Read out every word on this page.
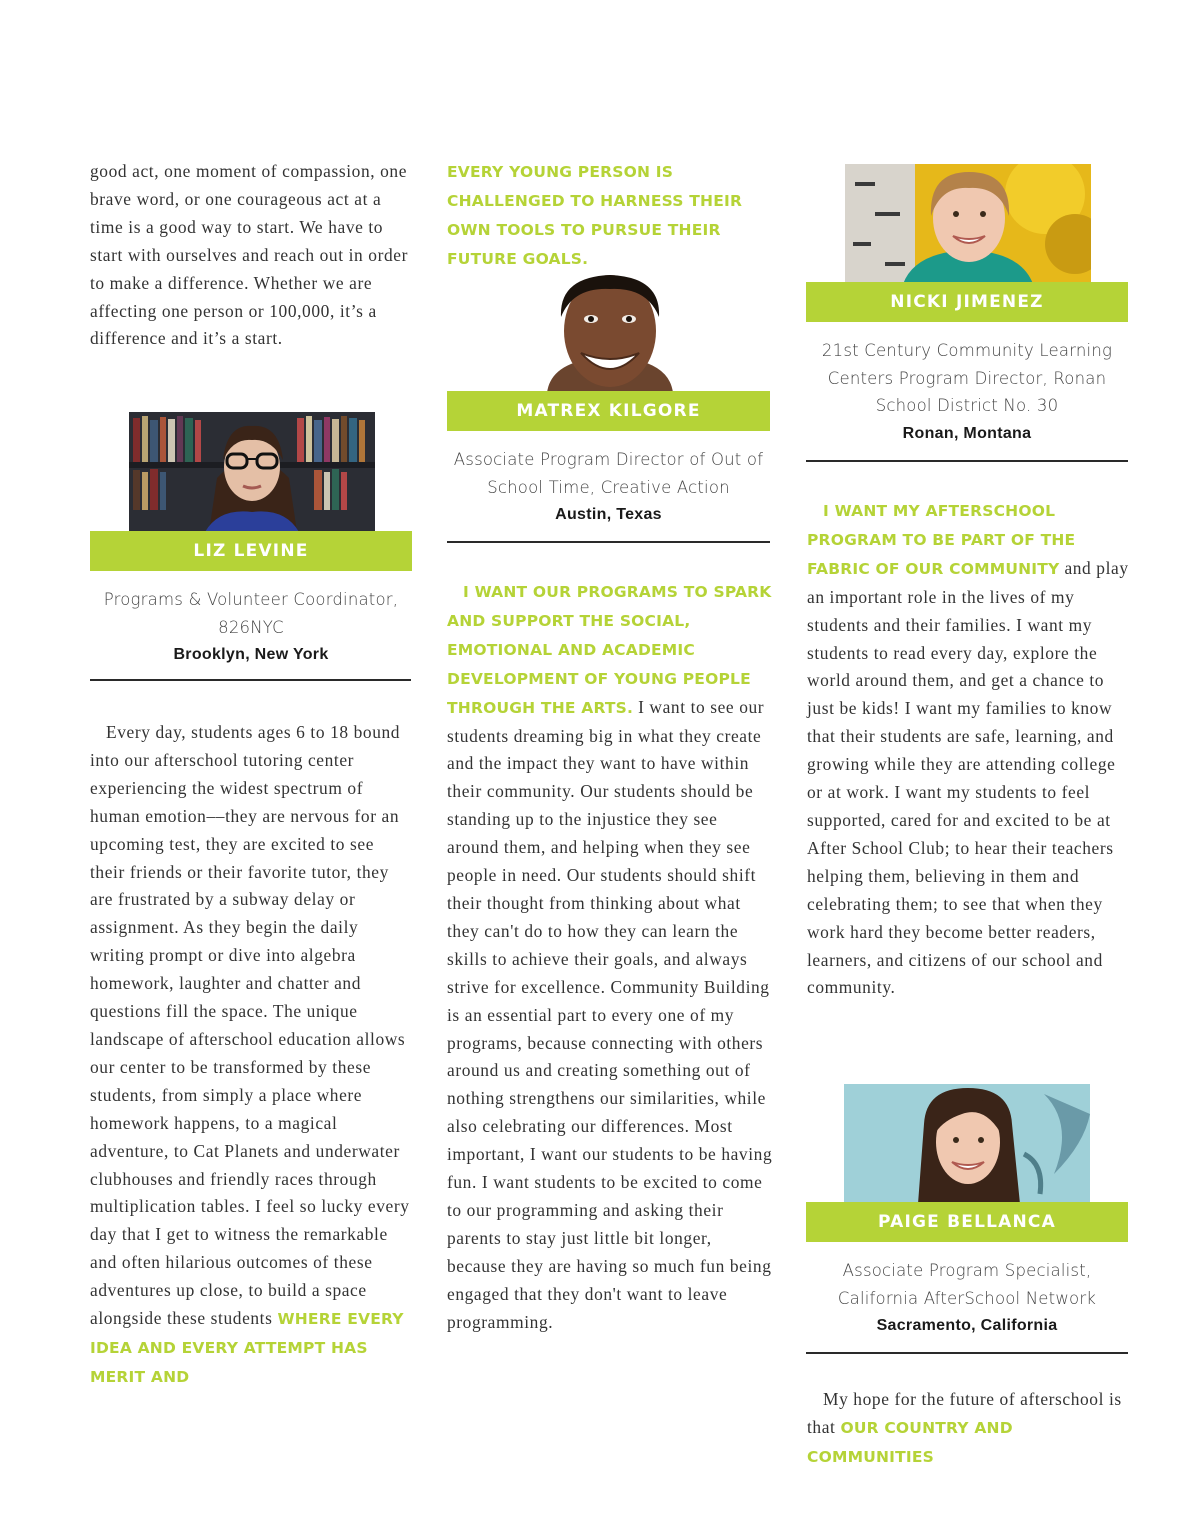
good act, one moment of compassion, one brave word, or one courageous act at a time is a good way to start. We have to start with ourselves and reach out in order to make a difference. Whether we are affecting one person or 100,000, it’s a difference and it’s a start.

LIZ LEVINE
Programs & Volunteer Coordinator, 826NYC
Brooklyn, New York

Every day, students ages 6 to 18 bound into our afterschool tutoring center experiencing the widest spectrum of human emotion––they are nervous for an upcoming test, they are excited to see their friends or their favorite tutor, they are frustrated by a subway delay or assignment. As they begin the daily writing prompt or dive into algebra homework, laughter and chatter and questions fill the space. The unique landscape of afterschool education allows our center to be transformed by these students, from simply a place where homework happens, to a magical adventure, to Cat Planets and underwater clubhouses and friendly races through multiplication tables. I feel so lucky every day that I get to witness the remarkable and often hilarious outcomes of these adventures up close, to build a space alongside these students WHERE EVERY IDEA AND EVERY ATTEMPT HAS MERIT AND

EVERY YOUNG PERSON IS CHALLENGED TO HARNESS THEIR OWN TOOLS TO PURSUE THEIR FUTURE GOALS.

MATREX KILGORE
Associate Program Director of Out of School Time, Creative Action
Austin, Texas

I WANT OUR PROGRAMS TO SPARK AND SUPPORT THE SOCIAL, EMOTIONAL AND ACADEMIC DEVELOPMENT OF YOUNG PEOPLE THROUGH THE ARTS. I want to see our students dreaming big in what they create and the impact they want to have within their community. Our students should be standing up to the injustice they see around them, and helping when they see people in need. Our students should shift their thought from thinking about what they can't do to how they can learn the skills to achieve their goals, and always strive for excellence. Community Building is an essential part to every one of my programs, because connecting with others around us and creating something out of nothing strengthens our similarities, while also celebrating our differences. Most important, I want our students to be having fun. I want students to be excited to come to our programming and asking their parents to stay just little bit longer, because they are having so much fun being engaged that they don't want to leave programming.

NICKI JIMENEZ
21st Century Community Learning Centers Program Director, Ronan School District No. 30
Ronan, Montana

I WANT MY AFTERSCHOOL PROGRAM TO BE PART OF THE FABRIC OF OUR COMMUNITY and play an important role in the lives of my students and their families. I want my students to read every day, explore the world around them, and get a chance to just be kids! I want my families to know that their students are safe, learning, and growing while they are attending college or at work. I want my students to feel supported, cared for and excited to be at After School Club; to hear their teachers helping them, believing in them and celebrating them; to see that when they work hard they become better readers, learners, and citizens of our school and community.

PAIGE BELLANCA
Associate Program Specialist, California AfterSchool Network
Sacramento, California

My hope for the future of afterschool is that OUR COUNTRY AND COMMUNITIES
